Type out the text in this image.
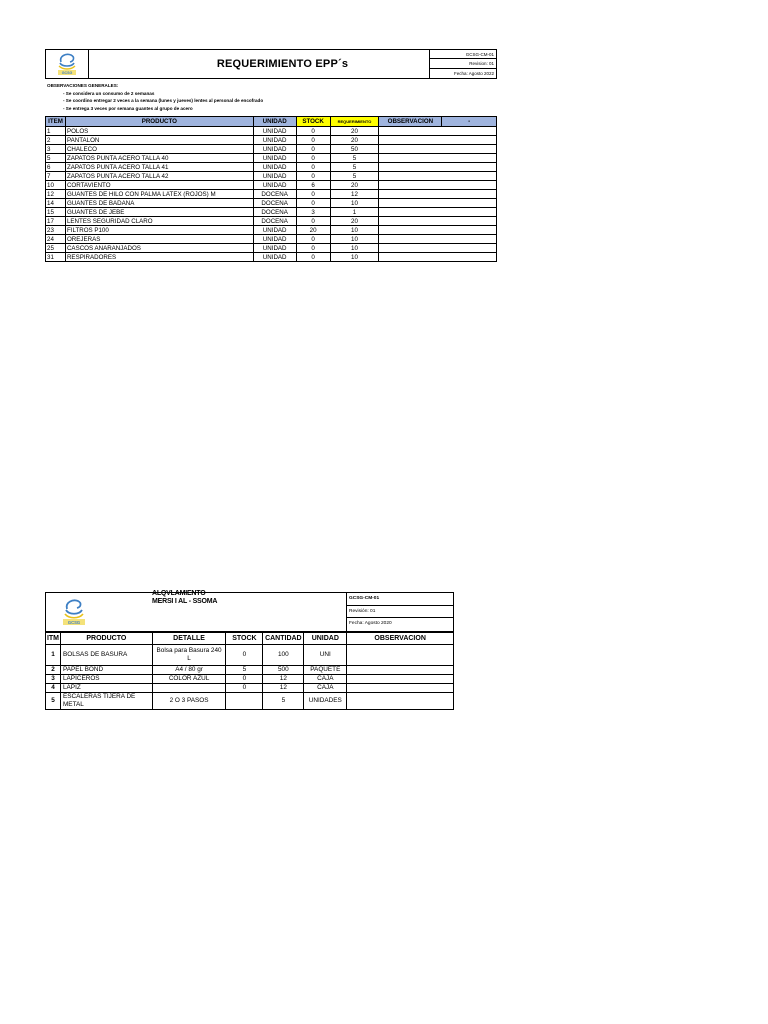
GCSG
REQUERIMIENTO EPP´s
GCSG-CM-01
Revision: 01
Fecha: Agosto 2022
OBSERVACIONES GENERALES:
- Se considera un consumo de 2 semanas
- Se coordino entregar 2 veces a la semana (lunes y jueves) lentes al personal de encofrado
- Se entrega 3 veces por semana guantes al grupo de acero
ITEM	PRODUCTO	UNIDAD	STOCK	REQUERIMIENTO	OBSERVACION	-
1	POLOS	UNIDAD	0	20		
2	PANTALON	UNIDAD	0	20		
3	CHALECO	UNIDAD	0	50		
5	ZAPATOS PUNTA ACERO TALLA 40	UNIDAD	0	5		
6	ZAPATOS PUNTA ACERO TALLA 41	UNIDAD	0	5		
7	ZAPATOS PUNTA ACERO TALLA 42	UNIDAD	0	5		
10	CORTAVIENTO	UNIDAD	6	20		
12	GUANTES DE HILO CON PALMA LATEX (ROJOS) M	DOCENA	0	12		
14	GUANTES DE BADANA	DOCENA	0	10		
15	GUANTES DE JEBE	DOCENA	3	1		
17	LENTES SEGURIDAD CLARO	DOCENA	0	20		
23	FILTROS P100	UNIDAD	20	10		
24	OREJERAS	UNIDAD	0	10		
25	CASCOS ANARANJADOS	UNIDAD	0	10		
31	RESPIRADORES	UNIDAD	0	10		
GCSG
ALQVLAMIENTO
MERSI I AL - SSOMA	GCSG-CM-01
Revisión: 01
Fecha: Agosto 2020
ITM	PRODUCTO	DETALLE	STOCK	CANTIDAD	UNIDAD	OBSERVACION
1	BOLSAS DE BASURA	Bolsa para Basura 240 L	0	100	UNI	
2	PAPEL BOND	A4 / 80 gr	5	500	PAQUETE	
3	LAPICEROS	COLOR AZUL	0	12	CAJA	
4	LAPIZ		0	12	CAJA	
5	ESCALERAS TIJERA DE METAL	2 O 3 PASOS		5	UNIDADES	
